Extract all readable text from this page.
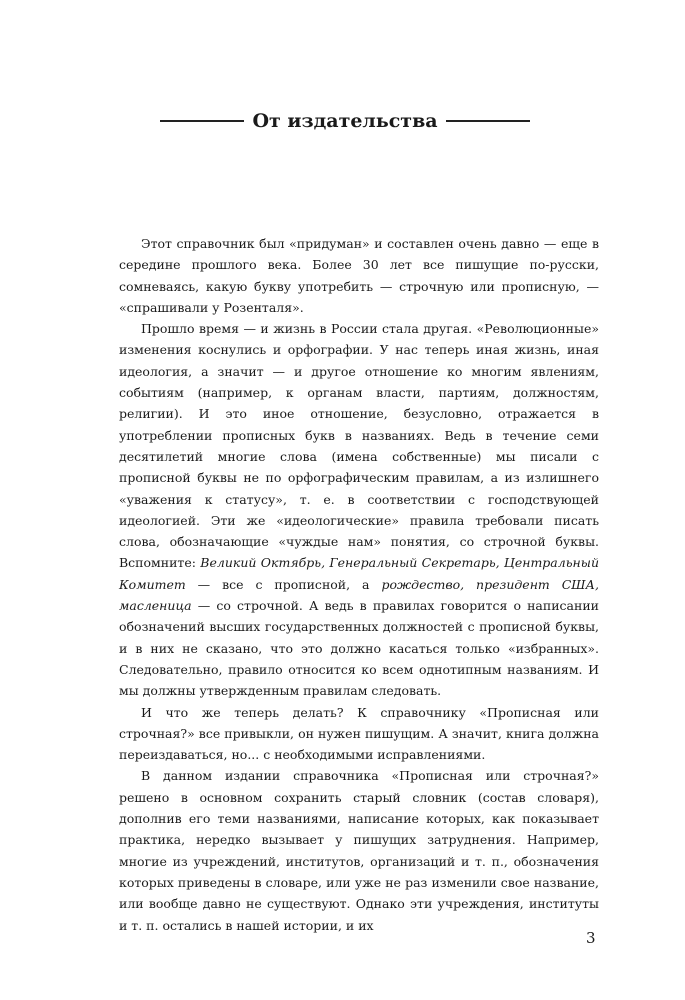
От издательства

Этот справочник был «придуман» и составлен очень давно — еще в середине прошлого века. Более 30 лет все пишущие по-русски, сомневаясь, какую букву употребить — строчную или прописную, — «спрашивали у Розенталя».

Прошло время — и жизнь в России стала другая. «Революционные» изменения коснулись и орфографии. У нас теперь иная жизнь, иная идеология, а значит — и другое отношение ко многим явлениям, событиям (например, к органам власти, партиям, должностям, религии). И это иное отношение, безусловно, отражается в употреблении прописных букв в названиях. Ведь в течение семи десятилетий многие слова (имена собственные) мы писали с прописной буквы не по орфографическим правилам, а из излишнего «уважения к статусу», т. е. в соответствии с господствующей идеологией. Эти же «идеологические» правила требовали писать слова, обозначающие «чуждые нам» понятия, со строчной буквы. Вспомните: Великий Октябрь, Генеральный Секретарь, Центральный Комитет — все с прописной, а рождество, президент США, масленица — со строчной. А ведь в правилах говорится о написании обозначений высших государственных должностей с прописной буквы, и в них не сказано, что это должно касаться только «избранных». Следовательно, правило относится ко всем однотипным названиям. И мы должны утвержденным правилам следовать.

И что же теперь делать? К справочнику «Прописная или строчная?» все привыкли, он нужен пишущим. А значит, книга должна переиздаваться, но... с необходимыми исправлениями.

В данном издании справочника «Прописная или строчная?» решено в основном сохранить старый словник (состав словаря), дополнив его теми названиями, написание которых, как показывает практика, нередко вызывает у пишущих затруднения. Например, многие из учреждений, институтов, организаций и т. п., обозначения которых приведены в словаре, или уже не раз изменили свое название, или вообще давно не существуют. Однако эти учреждения, институты и т. п. остались в нашей истории, и их

3
